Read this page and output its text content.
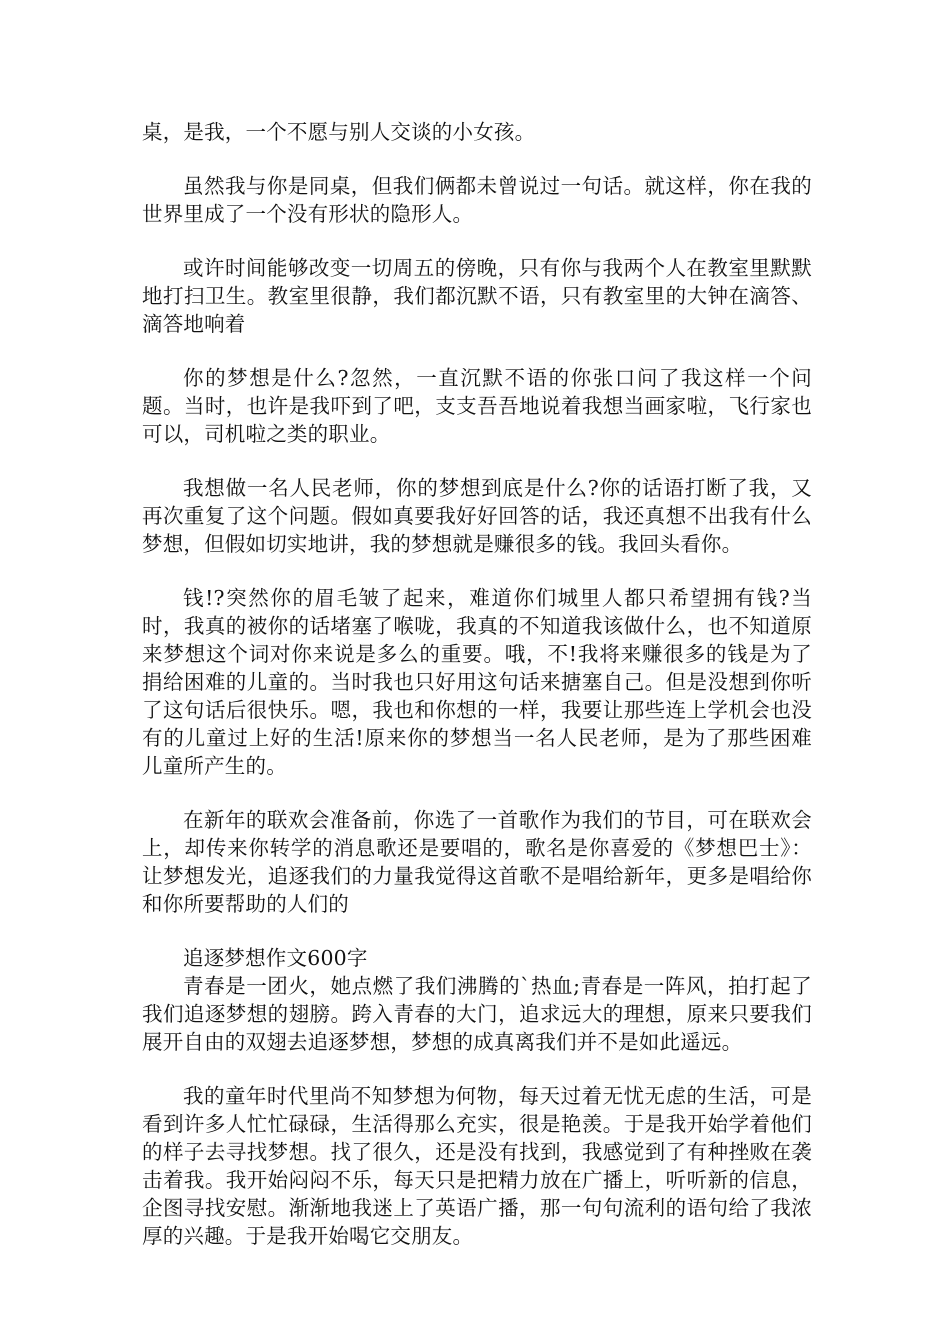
桌，是我，一个不愿与别人交谈的小女孩。

虽然我与你是同桌，但我们俩都未曾说过一句话。就这样，你在我的世界里成了一个没有形状的隐形人。

或许时间能够改变一切周五的傍晚，只有你与我两个人在教室里默默地打扫卫生。教室里很静，我们都沉默不语，只有教室里的大钟在滴答、滴答地响着

你的梦想是什么?忽然，一直沉默不语的你张口问了我这样一个问题。当时，也许是我吓到了吧，支支吾吾地说着我想当画家啦，飞行家也可以，司机啦之类的职业。

我想做一名人民老师，你的梦想到底是什么?你的话语打断了我，又再次重复了这个问题。假如真要我好好回答的话，我还真想不出我有什么梦想，但假如切实地讲，我的梦想就是赚很多的钱。我回头看你。

钱!?突然你的眉毛皱了起来，难道你们城里人都只希望拥有钱?当时，我真的被你的话堵塞了喉咙，我真的不知道我该做什么，也不知道原来梦想这个词对你来说是多么的重要。哦，不!我将来赚很多的钱是为了捐给困难的儿童的。当时我也只好用这句话来搪塞自己。但是没想到你听了这句话后很快乐。嗯，我也和你想的一样，我要让那些连上学机会也没有的儿童过上好的生活!原来你的梦想当一名人民老师，是为了那些困难儿童所产生的。

在新年的联欢会准备前，你选了一首歌作为我们的节目，可在联欢会上，却传来你转学的消息歌还是要唱的，歌名是你喜爱的《梦想巴士》：让梦想发光，追逐我们的力量我觉得这首歌不是唱给新年，更多是唱给你和你所要帮助的人们的

追逐梦想作文600字

青春是一团火，她点燃了我们沸腾的`热血;青春是一阵风，拍打起了我们追逐梦想的翅膀。跨入青春的大门，追求远大的理想，原来只要我们展开自由的双翅去追逐梦想，梦想的成真离我们并不是如此遥远。

我的童年时代里尚不知梦想为何物，每天过着无忧无虑的生活，可是看到许多人忙忙碌碌，生活得那么充实，很是艳羡。于是我开始学着他们的样子去寻找梦想。找了很久，还是没有找到，我感觉到了有种挫败在袭击着我。我开始闷闷不乐，每天只是把精力放在广播上，听听新的信息，企图寻找安慰。渐渐地我迷上了英语广播，那一句句流利的语句给了我浓厚的兴趣。于是我开始喝它交朋友。
